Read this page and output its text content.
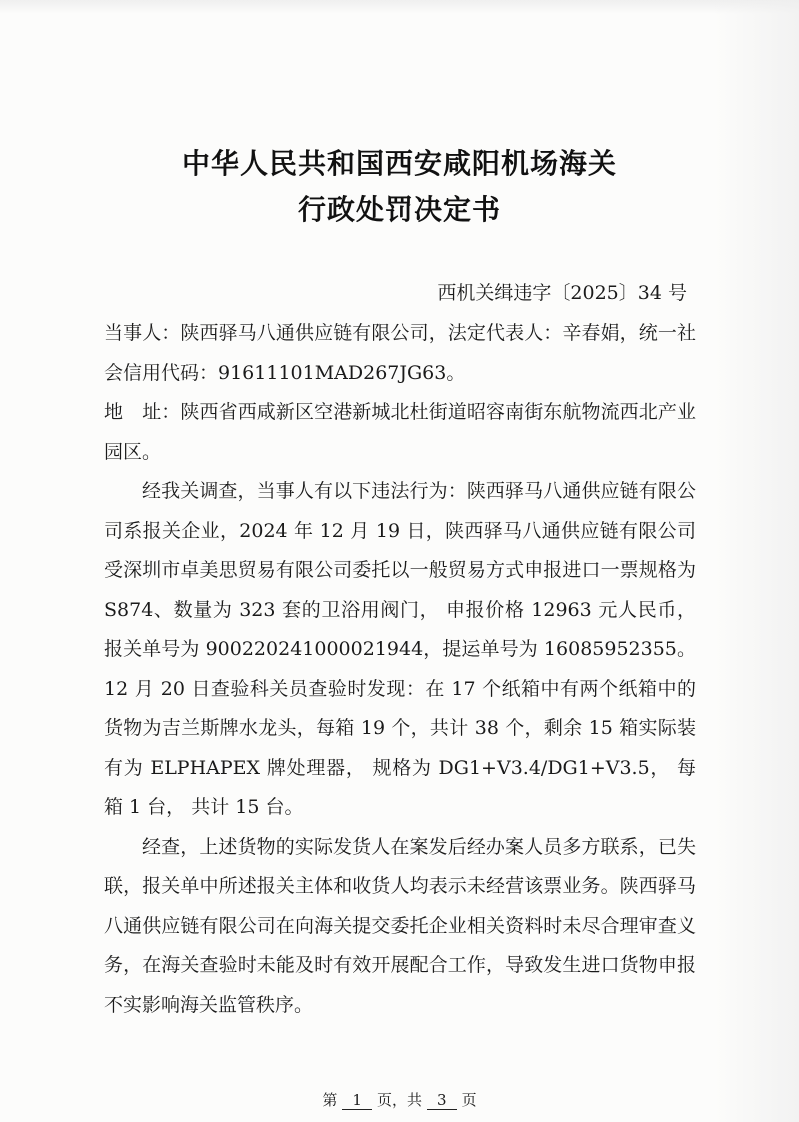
中华人民共和国西安咸阳机场海关
行政处罚决定书
西机关缉违字〔2025〕34 号

当事人：陕西驿马八通供应链有限公司，法定代表人：辛春娟，统一社会信用代码：91611101MAD267JG63。

地　址：陕西省西咸新区空港新城北杜街道昭容南街东航物流西北产业园区。

经我关调查，当事人有以下违法行为：陕西驿马八通供应链有限公司系报关企业，2024 年 12 月 19 日，陕西驿马八通供应链有限公司受深圳市卓美思贸易有限公司委托以一般贸易方式申报进口一票规格为 S874、数量为 323 套的卫浴用阀门， 申报价格 12963 元人民币， 报关单号为 900220241000021944，提运单号为 16085952355。12 月 20 日查验科关员查验时发现：在 17 个纸箱中有两个纸箱中的货物为吉兰斯牌水龙头，每箱 19 个，共计 38 个，剩余 15 箱实际装有为 ELPHAPEX 牌处理器， 规格为 DG1+V3.4/DG1+V3.5， 每箱 1 台， 共计 15 台。

经查，上述货物的实际发货人在案发后经办案人员多方联系，已失联，报关单中所述报关主体和收货人均表示未经营该票业务。陕西驿马八通供应链有限公司在向海关提交委托企业相关资料时未尽合理审查义务，在海关查验时未能及时有效开展配合工作，导致发生进口货物申报不实影响海关监管秩序。

第 1 页，共 3 页
